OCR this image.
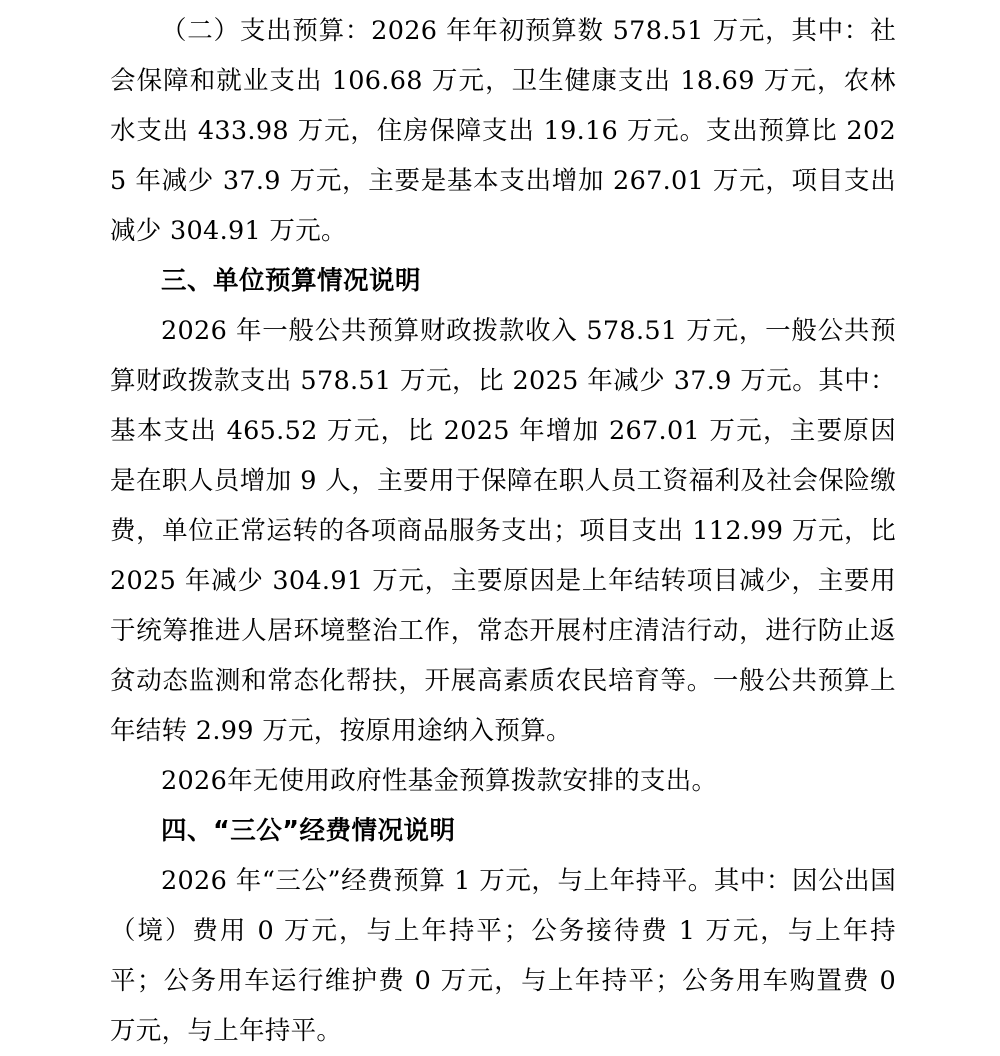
（二）支出预算：2026 年年初预算数 578.51 万元，其中：社会保障和就业支出 106.68 万元，卫生健康支出 18.69 万元，农林水支出 433.98 万元，住房保障支出 19.16 万元。支出预算比 2025 年减少 37.9 万元，主要是基本支出增加 267.01 万元，项目支出减少 304.91 万元。

三、单位预算情况说明

2026 年一般公共预算财政拨款收入 578.51 万元，一般公共预算财政拨款支出 578.51 万元，比 2025 年减少 37.9 万元。其中：基本支出 465.52 万元，比 2025 年增加 267.01 万元，主要原因是在职人员增加 9 人，主要用于保障在职人员工资福利及社会保险缴费，单位正常运转的各项商品服务支出；项目支出 112.99 万元，比 2025 年减少 304.91 万元，主要原因是上年结转项目减少，主要用于统筹推进人居环境整治工作，常态开展村庄清洁行动，进行防止返贫动态监测和常态化帮扶，开展高素质农民培育等。一般公共预算上年结转 2.99 万元，按原用途纳入预算。

2026年无使用政府性基金预算拨款安排的支出。

四、“三公”经费情况说明

2026 年“三公”经费预算 1 万元，与上年持平。其中：因公出国（境）费用 0 万元，与上年持平；公务接待费 1 万元，与上年持平；公务用车运行维护费 0 万元，与上年持平；公务用车购置费 0 万元，与上年持平。
